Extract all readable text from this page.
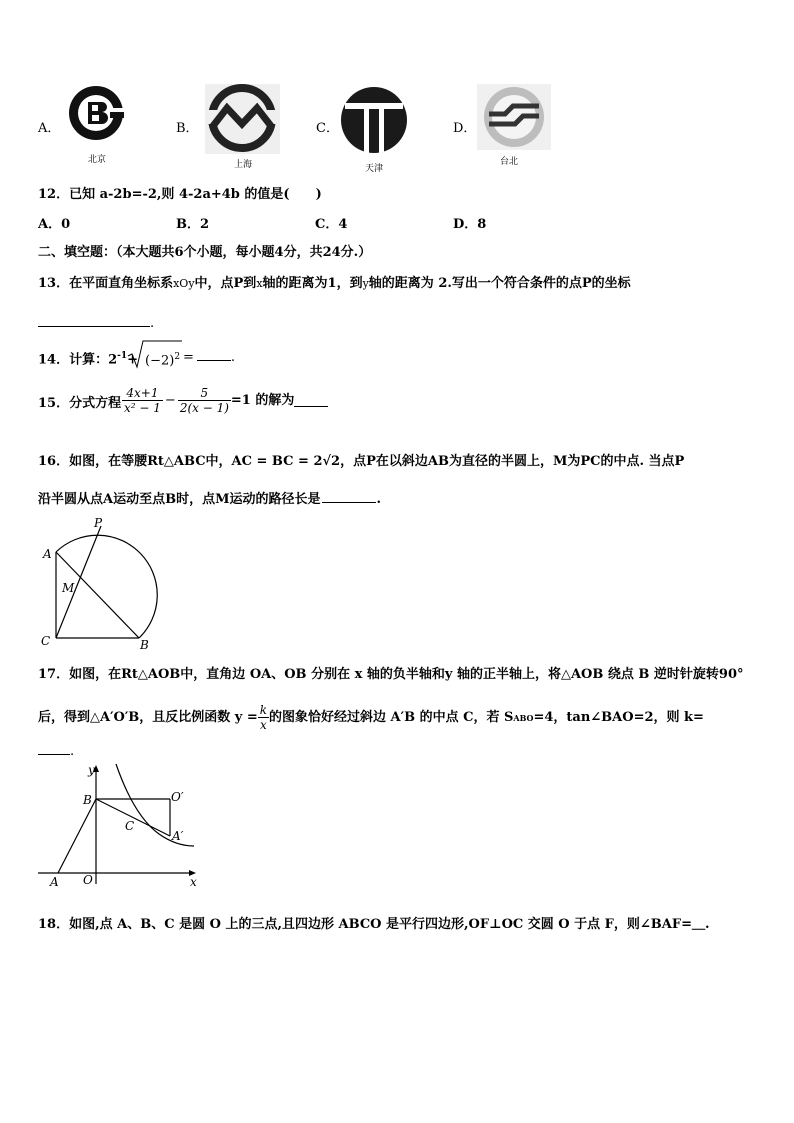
A．
北京
B．
上海
C．
天津
D．
台北
12．已知 a-2b=-2,则 4-2a+4b 的值是(　　)
A．0	B．2	C．4	D．8
二、填空题：（本大题共6个小题，每小题4分，共24分.）
13．在平面直角坐标系xOy中，点P到x轴的距离为1，到y轴的距离为 2.写出一个符合条件的点P的坐标
.
14．计算：$2^{-1}+ (-2)^2$ =	.
15．分式方程 $\frac{4x+1}{\text{x² − 1}} - \frac{5}{2(x - 1)} =1$ 的解为
16．如图，在等腰Rt△ABC中，AC = BC = 2√2，点P在以斜边AB为直径的半圆上，M为PC的中点. 当点P
沿半圆从点A运动至点B时，点M运动的路径长是	.
P
A
M
C	B
17．如图，在Rt△AOB中，直角边 OA、OB 分别在 x 轴的负半轴和y 轴的正半轴上，将△AOB 绕点 B 逆时针旋转90°
后，得到△A′O′B，且反比例函数 $y = \frac{k}{x}$ 的图象恰好经过斜边 A′B 的中点 C，若 S ABO =4，tan∠BAO=2，则 k=
.
y
B	O′
C
A′
A O	x
18．如图,点 A、B、C 是圆 O 上的三点,且四边形 ABCO 是平行四边形,OF⊥OC 交圆 O 于点 F，则∠BAF=＿.
